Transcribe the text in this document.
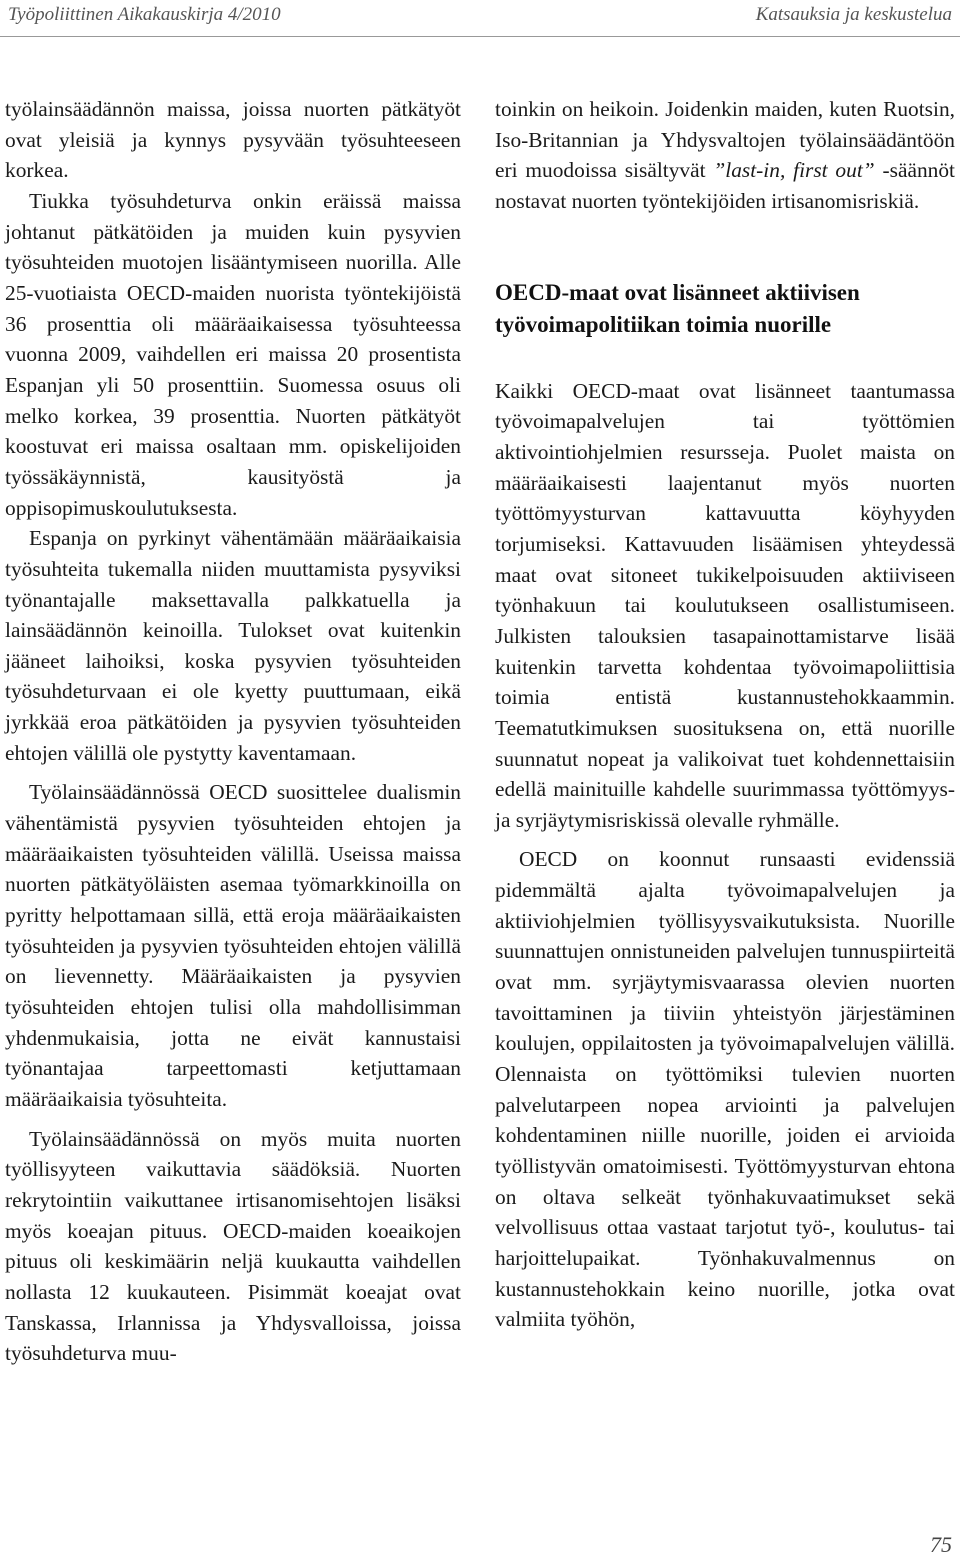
Työpoliittinen Aikakauskirja 4/2010	Katsauksia ja keskustelua

työlainsäädännön maissa, joissa nuorten pätkätyöt ovat yleisiä ja kynnys pysyvään työsuhteeseen korkea.

Tiukka työsuhdeturva onkin eräissä maissa johtanut pätkätöiden ja muiden kuin pysyvien työsuhteiden muotojen lisääntymiseen nuorilla. Alle 25-vuotiaista OECD-maiden nuorista työntekijöistä 36 prosenttia oli määräaikaisessa työsuhteessa vuonna 2009, vaihdellen eri maissa 20 prosentista Espanjan yli 50 prosenttiin. Suomessa osuus oli melko korkea, 39 prosenttia. Nuorten pätkätyöt koostuvat eri maissa osaltaan mm. opiskelijoiden työssäkäynnistä, kausityöstä ja oppisopimuskoulutuksesta.

Espanja on pyrkinyt vähentämään määräaikaisia työsuhteita tukemalla niiden muuttamista pysyviksi työnantajalle maksettavalla palkkatuella ja lainsäädännön keinoilla. Tulokset ovat kuitenkin jääneet laihoiksi, koska pysyvien työsuhteiden työsuhdeturvaan ei ole kyetty puuttumaan, eikä jyrkkää eroa pätkätöiden ja pysyvien työsuhteiden ehtojen välillä ole pystytty kaventamaan.

Työlainsäädännössä OECD suosittelee dualismin vähentämistä pysyvien työsuhteiden ehtojen ja määräaikaisten työsuhteiden välillä. Useissa maissa nuorten pätkätyöläisten asemaa työmarkkinoilla on pyritty helpottamaan sillä, että eroja määräaikaisten työsuhteiden ja pysyvien työsuhteiden ehtojen välillä on lievennetty. Määräaikaisten ja pysyvien työsuhteiden ehtojen tulisi olla mahdollisimman yhdenmukaisia, jotta ne eivät kannustaisi työnantajaa tarpeettomasti ketjuttamaan määräaikaisia työsuhteita.

Työlainsäädännössä on myös muita nuorten työllisyyteen vaikuttavia säädöksiä. Nuorten rekrytointiin vaikuttanee irtisanomisehtojen lisäksi myös koeajan pituus. OECD-maiden koeaikojen pituus oli keskimäärin neljä kuukautta vaihdellen nollasta 12 kuukauteen. Pisimmät koeajat ovat Tanskassa, Irlannissa ja Yhdysvalloissa, joissa työsuhdeturva muu-

toinkin on heikoin. Joidenkin maiden, kuten Ruotsin, Iso-Britannian ja Yhdysvaltojen työlainsäädäntöön eri muodoissa sisältyvät ”last-in, first out” -säännöt nostavat nuorten työntekijöiden irtisanomisriskiä.

OECD-maat ovat lisänneet aktiivisen työvoimapolitiikan toimia nuorille

Kaikki OECD-maat ovat lisänneet taantumassa työvoimapalvelujen tai työttömien aktivointiohjelmien resursseja. Puolet maista on määräaikaisesti laajentanut myös nuorten työttömyysturvan kattavuutta köyhyyden torjumiseksi. Kattavuuden lisäämisen yhteydessä maat ovat sitoneet tukikelpoisuuden aktiiviseen työnhakuun tai koulutukseen osallistumiseen. Julkisten talouksien tasapainottamistarve lisää kuitenkin tarvetta kohdentaa työvoimapoliittisia toimia entistä kustannustehokkaammin. Teematutkimuksen suosituksena on, että nuorille suunnatut nopeat ja valikoivat tuet kohdennettaisiin edellä mainituille kahdelle suurimmassa työttömyys- ja syrjäytymisriskissä olevalle ryhmälle.

OECD on koonnut runsaasti evidenssiä pidemmältä ajalta työvoimapalvelujen ja aktiiviohjelmien työllisyysvaikutuksista. Nuorille suunnattujen onnistuneiden palvelujen tunnuspiirteitä ovat mm. syrjäytymisvaarassa olevien nuorten tavoittaminen ja tiiviin yhteistyön järjestäminen koulujen, oppilaitosten ja työvoimapalvelujen välillä. Olennaista on työttömiksi tulevien nuorten palvelutarpeen nopea arviointi ja palvelujen kohdentaminen niille nuorille, joiden ei arvioida työllistyvän omatoimisesti. Työttömyysturvan ehtona on oltava selkeät työnhakuvaatimukset sekä velvollisuus ottaa vastaat tarjotut työ-, koulutus- tai harjoittelupaikat. Työnhakuvalmennus on kustannustehokkain keino nuorille, jotka ovat valmiita työhön,

75
